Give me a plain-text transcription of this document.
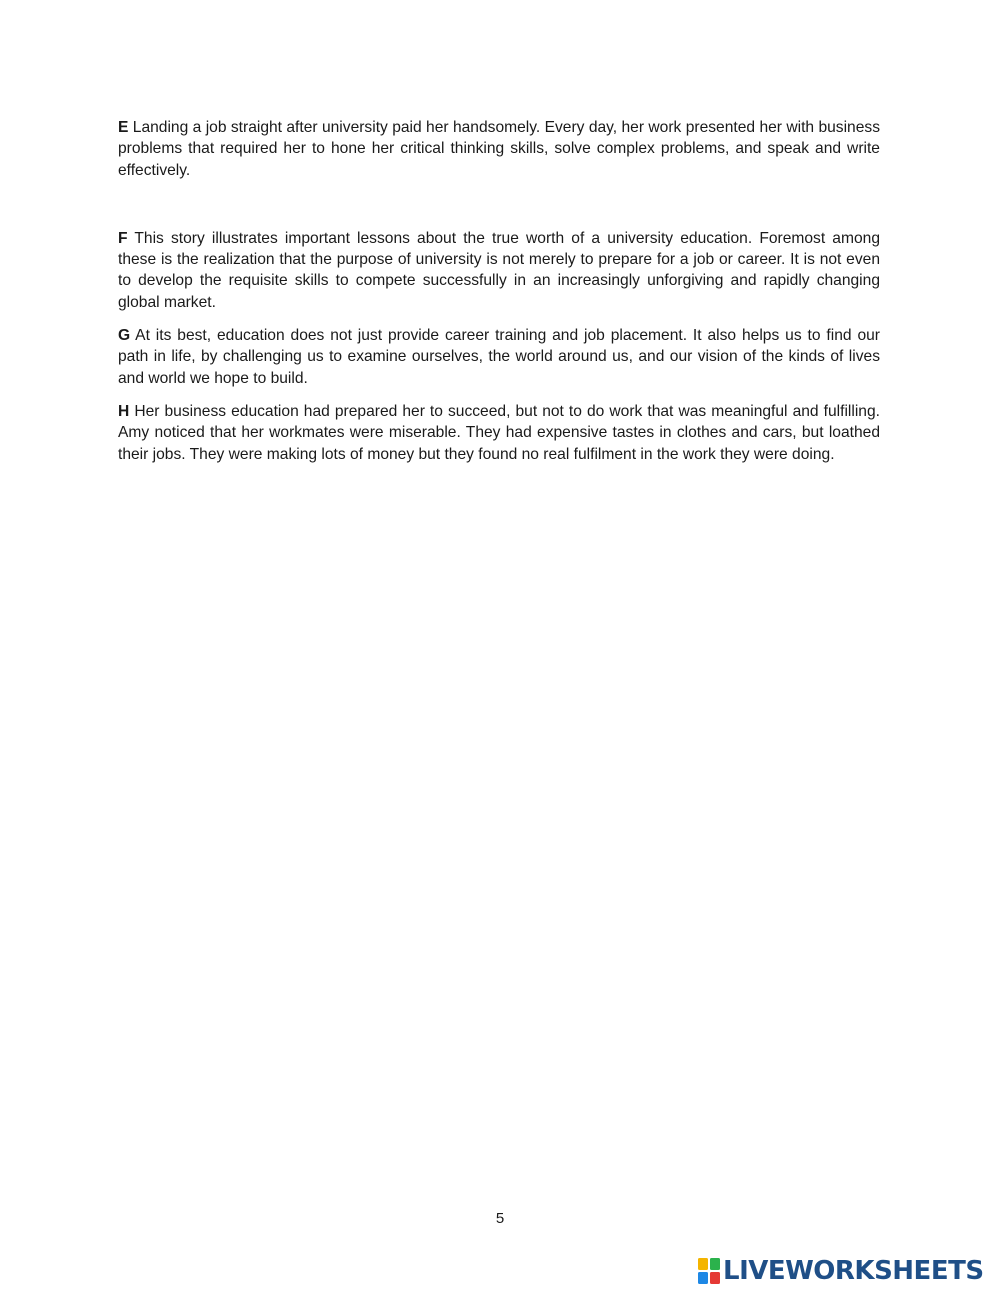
E Landing a job straight after university paid her handsomely. Every day, her work presented her with business problems that required her to hone her critical thinking skills, solve complex problems, and speak and write effectively.

F This story illustrates important lessons about the true worth of a university education. Foremost among these is the realization that the purpose of university is not merely to prepare for a job or career. It is not even to develop the requisite skills to compete successfully in an increasingly unforgiving and rapidly changing global market.

G At its best, education does not just provide career training and job placement. It also helps us to find our path in life, by challenging us to examine ourselves, the world around us, and our vision of the kinds of lives and world we hope to build.

H Her business education had prepared her to succeed, but not to do work that was meaningful and fulfilling. Amy noticed that her workmates were miserable. They had expensive tastes in clothes and cars, but loathed their jobs. They were making lots of money but they found no real fulfilment in the work they were doing.

5
LIVEWORKSHEETS
